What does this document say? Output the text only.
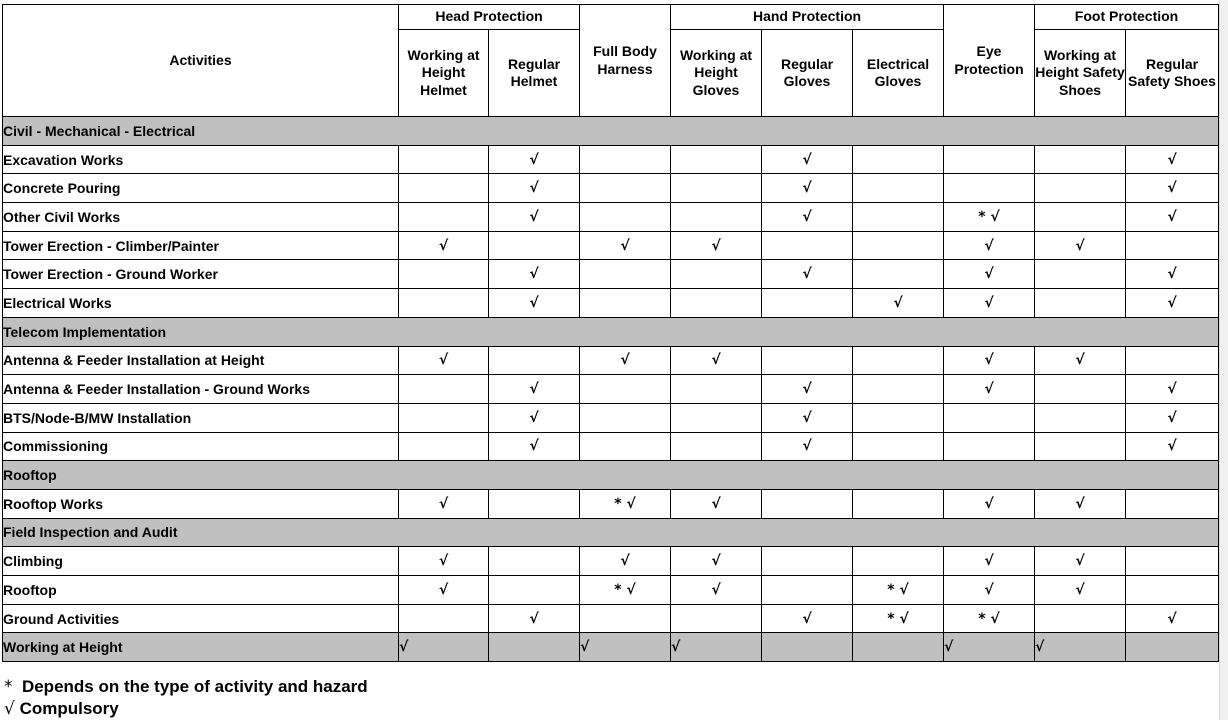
Activities	Head Protection		Full Body Harness	Hand Protection			Eye Protection	Foot Protection	
	Working at Height Helmet	Regular Helmet		Working at Height Gloves	Regular Gloves	Electrical Gloves		Working at Height Safety Shoes	Regular Safety Shoes
Civil - Mechanical - Electrical									
Excavation Works		√			√				√
Concrete Pouring		√			√				√
Other Civil Works		√			√		* √		√
Tower Erection - Climber/Painter	√		√	√			√	√	
Tower Erection - Ground Worker		√			√		√		√
Electrical Works		√				√	√		√
Telecom Implementation									
Antenna & Feeder Installation at Height	√		√	√			√	√	
Antenna & Feeder Installation - Ground Works		√			√		√		√
BTS/Node-B/MW Installation		√			√				√
Commissioning		√			√				√
Rooftop									
Rooftop Works	√		* √	√			√	√	
Field Inspection and Audit									
Climbing	√		√	√			√	√	
Rooftop	√		* √	√		* √	√	√	
Ground Activities		√			√	* √	* √		√
Working at Height	√		√	√			√	√	
* Depends on the type of activity and hazard
√ Compulsory
